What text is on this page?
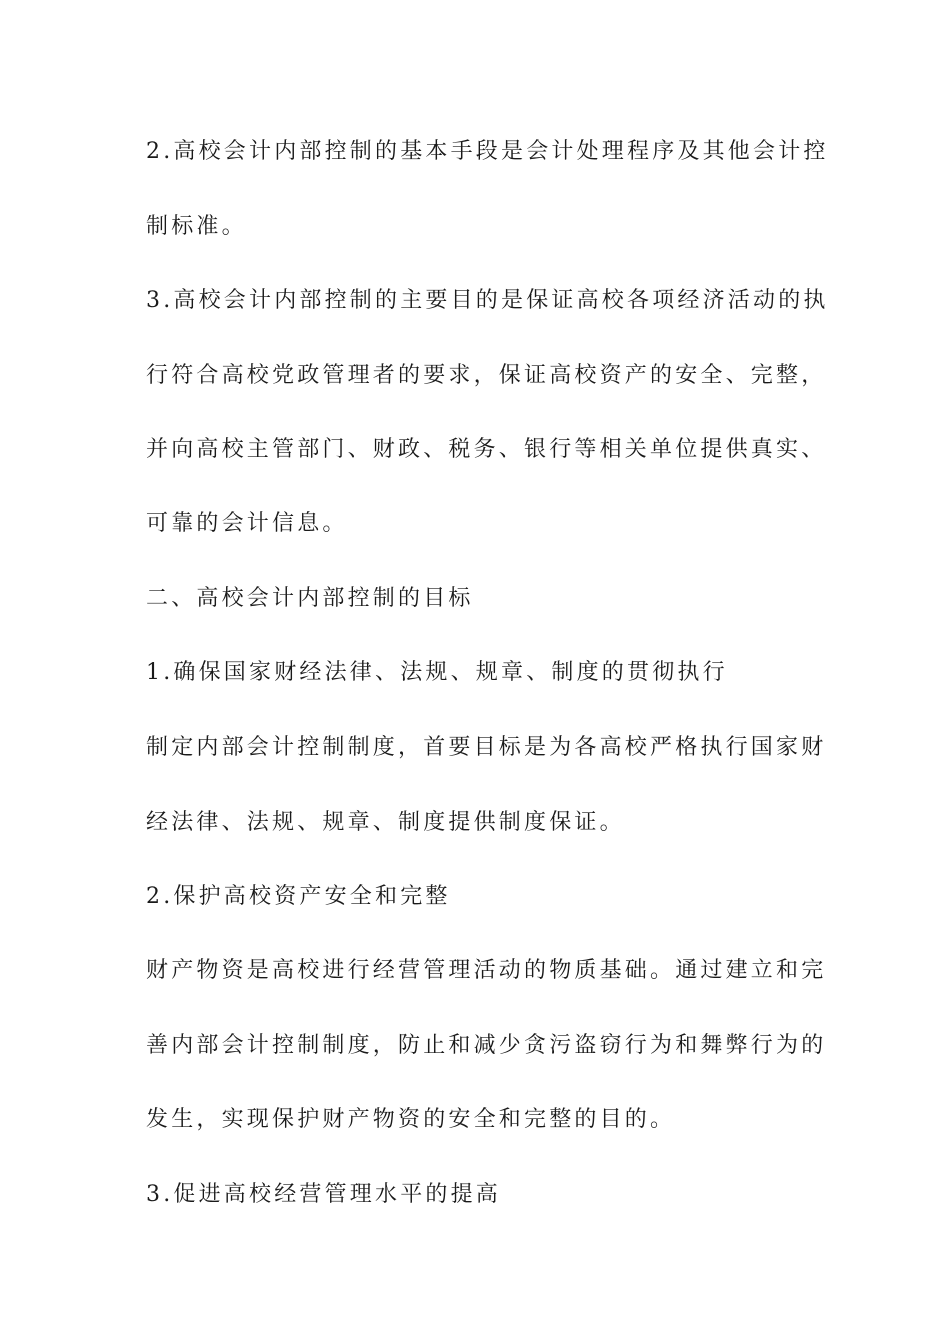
2.高校会计内部控制的基本手段是会计处理程序及其他会计控
制标准。
3.高校会计内部控制的主要目的是保证高校各项经济活动的执
行符合高校党政管理者的要求，保证高校资产的安全、完整，
并向高校主管部门、财政、税务、银行等相关单位提供真实、
可靠的会计信息。
二、高校会计内部控制的目标
1.确保国家财经法律、法规、规章、制度的贯彻执行
制定内部会计控制制度，首要目标是为各高校严格执行国家财
经法律、法规、规章、制度提供制度保证。
2.保护高校资产安全和完整
财产物资是高校进行经营管理活动的物质基础。通过建立和完
善内部会计控制制度，防止和减少贪污盗窃行为和舞弊行为的
发生，实现保护财产物资的安全和完整的目的。
3.促进高校经营管理水平的提高
